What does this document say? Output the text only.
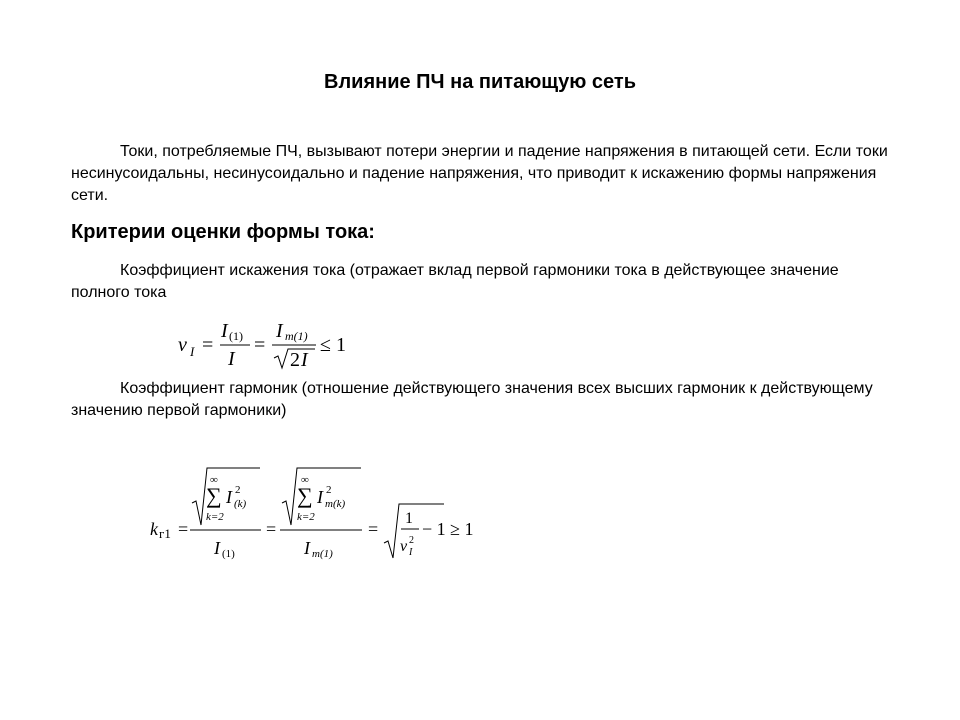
Влияние ПЧ на питающую сеть

Токи, потребляемые ПЧ, вызывают потери энергии и падение напряжения в питающей сети. Если токи несинусоидальны, несинусоидально и падение напряжения, что приводит к искажению формы напряжения сети.

Критерии оценки формы тока:

Коэффициент искажения тока (отражает вклад первой гармоники тока в действующее значение полного тока

ν I =
I (1)
I
=
I m(1)
2 I
≤ 1

Коэффициент гармоник (отношение действующего значения всех высших гармоник к действующему значению первой гармоники)

k г1 =
∞
∑
k=2
I 2
(k)
I (1)
=
∞
∑
k=2
I 2
m(k)
I m(1)
=
1
ν 2
I
− 1 ≥ 1
